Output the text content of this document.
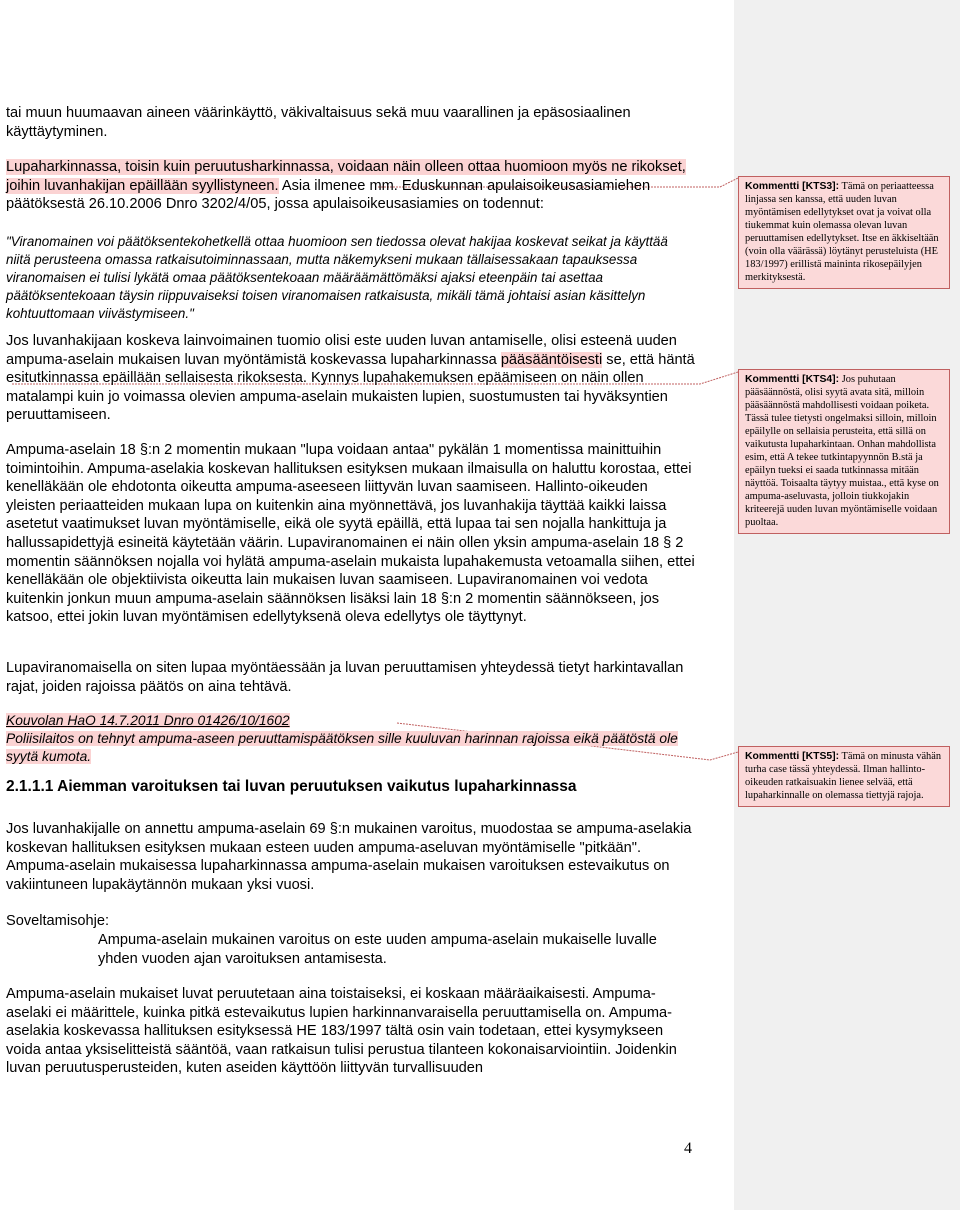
tai muun huumaavan aineen väärinkäyttö, väkivaltaisuus sekä muu vaarallinen ja epäsosiaalinen käyttäytyminen.

Lupaharkinnassa, toisin kuin peruutusharkinnassa, voidaan näin olleen ottaa huomioon myös ne rikokset, joihin luvanhakijan epäillään syyllistyneen. Asia ilmenee mm. Eduskunnan apulaisoikeusasiamiehen päätöksestä 26.10.2006 Dnro 3202/4/05, jossa apulaisoikeusasiamies on todennut:

"Viranomainen voi päätöksentekohetkellä ottaa huomioon sen tiedossa olevat hakijaa koskevat seikat ja käyttää niitä perusteena omassa ratkaisutoiminnassaan, mutta näkemykseni mukaan tällaisessakaan tapauksessa viranomaisen ei tulisi lykätä omaa päätöksentekoaan määräämättömäksi ajaksi eteenpäin tai asettaa päätöksentekoaan täysin riippuvaiseksi toisen viranomaisen ratkaisusta, mikäli tämä johtaisi asian käsittelyn kohtuuttomaan viivästymiseen."

Jos luvanhakijaan koskeva lainvoimainen tuomio olisi este uuden luvan antamiselle, olisi esteenä uuden ampuma-aselain mukaisen luvan myöntämistä koskevassa lupaharkinnassa pääsääntöisesti se, että häntä esitutkinnassa epäillään sellaisesta rikoksesta. Kynnys lupahakemuksen epäämiseen on näin ollen matalampi kuin jo voimassa olevien ampuma-aselain mukaisten lupien, suostumusten tai hyväksyntien peruuttamiseen.

Ampuma-aselain 18 §:n 2 momentin mukaan "lupa voidaan antaa" pykälän 1 momentissa mainittuihin toimintoihin. Ampuma-aselakia koskevan hallituksen esityksen mukaan ilmaisulla on haluttu korostaa, ettei kenelläkään ole ehdotonta oikeutta ampuma-aseeseen liittyvän luvan saamiseen. Hallinto-oikeuden yleisten periaatteiden mukaan lupa on kuitenkin aina myönnettävä, jos luvanhakija täyttää kaikki laissa asetetut vaatimukset luvan myöntämiselle, eikä ole syytä epäillä, että lupaa tai sen nojalla hankittuja ja hallussapidettyjä esineitä käytetään väärin. Lupaviranomainen ei näin ollen yksin ampuma-aselain 18 § 2 momentin säännöksen nojalla voi hylätä ampuma-aselain mukaista lupahakemusta vetoamalla siihen, ettei kenelläkään ole objektiivista oikeutta lain mukaisen luvan saamiseen. Lupaviranomainen voi vedota kuitenkin jonkun muun ampuma-aselain säännöksen lisäksi lain 18 §:n 2 momentin säännökseen, jos katsoo, ettei jokin luvan myöntämisen edellytyksenä oleva edellytys ole täyttynyt.

Lupaviranomaisella on siten lupaa myöntäessään ja luvan peruuttamisen yhteydessä tietyt harkintavallan rajat, joiden rajoissa päätös on aina tehtävä.

Kouvolan HaO 14.7.2011 Dnro 01426/10/1602
Poliisilaitos on tehnyt ampuma-aseen peruuttamispäätöksen sille kuuluvan harinnan rajoissa eikä päätöstä ole syytä kumota.

2.1.1.1 Aiemman varoituksen tai luvan peruutuksen vaikutus lupaharkinnassa

Jos luvanhakijalle on annettu ampuma-aselain 69 §:n mukainen varoitus, muodostaa se ampuma-aselakia koskevan hallituksen esityksen mukaan esteen uuden ampuma-aseluvan myöntämiselle "pitkään". Ampuma-aselain mukaisessa lupaharkinnassa ampuma-aselain mukaisen varoituksen estevaikutus on vakiintuneen lupakäytännön mukaan yksi vuosi.

Soveltamisohje:

Ampuma-aselain mukainen varoitus on este uuden ampuma-aselain mukaiselle luvalle yhden vuoden ajan varoituksen antamisesta.

Ampuma-aselain mukaiset luvat peruutetaan aina toistaiseksi, ei koskaan määräaikaisesti. Ampuma-aselaki ei määrittele, kuinka pitkä estevaikutus lupien harkinnanvaraisella peruuttamisella on. Ampuma-aselakia koskevassa hallituksen esityksessä HE 183/1997 tältä osin vain todetaan, ettei kysymykseen voida antaa yksiselitteistä sääntöä, vaan ratkaisun tulisi perustua tilanteen kokonaisarviointiin. Joidenkin luvan peruutusperusteiden, kuten aseiden käyttöön liittyvän turvallisuuden

4
Kommentti [KTS3]: Tämä on periaatteessa linjassa sen kanssa, että uuden luvan myöntämisen edellytykset ovat ja voivat olla tiukemmat kuin olemassa olevan luvan peruuttamisen edellytykset. Itse en äkkiseltään (voin olla väärässä) löytänyt perusteluista (HE 183/1997) erillistä maininta rikosepäilyjen merkityksestä.
Kommentti [KTS4]: Jos puhutaan pääsäännöstä, olisi syytä avata sitä, milloin pääsäännöstä mahdollisesti voidaan poiketa. Tässä tulee tietysti ongelmaksi silloin, milloin epäilylle on sellaisia perusteita, että sillä on vaikutusta lupaharkintaan. Onhan mahdollista esim, että A tekee tutkintapyynnön B.stä ja epäilyn tueksi ei saada tutkinnassa mitään näyttöä. Toisaalta täytyy muistaa., että kyse on ampuma-aseluvasta, jolloin tiukkojakin kriteerejä uuden luvan myöntämiselle voidaan puoltaa.
Kommentti [KTS5]: Tämä on minusta vähän turha case tässä yhteydessä. Ilman hallinto-oikeuden ratkaisuakin lienee selvää, että lupaharkinnalle on olemassa tiettyjä rajoja.
